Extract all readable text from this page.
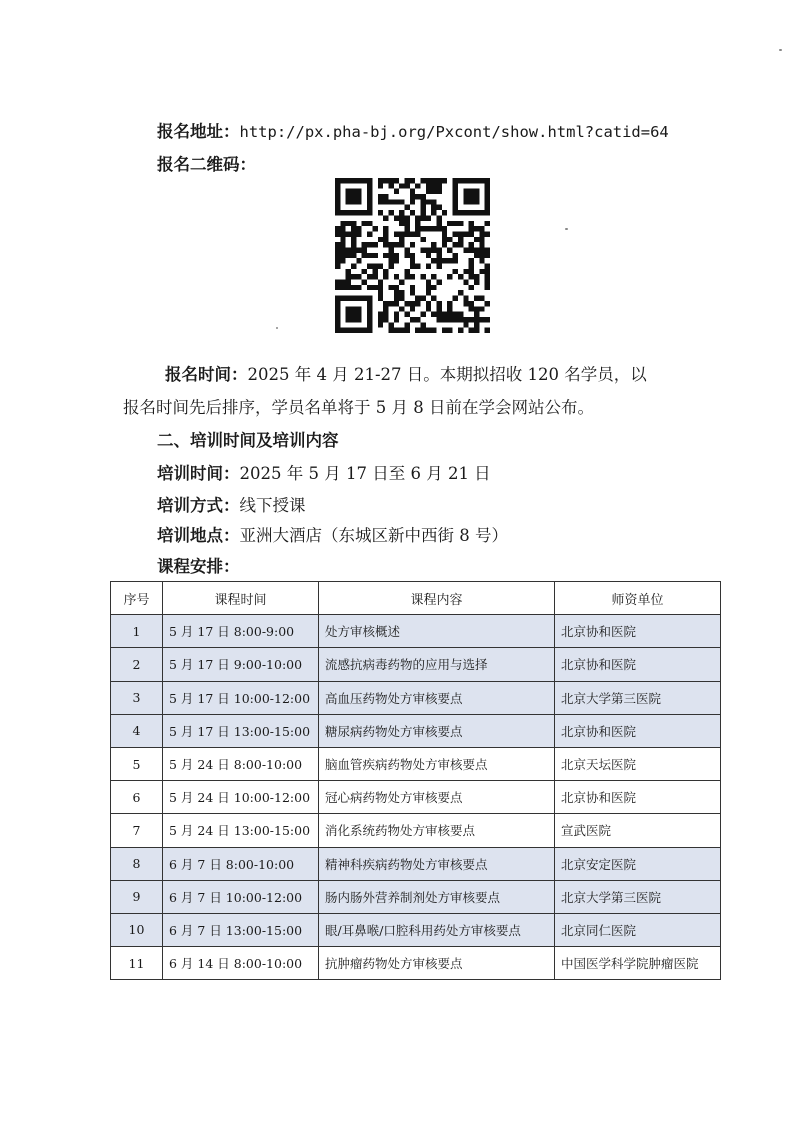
报名地址：http://px.pha-bj.org/Pxcont/show.html?catid=64
报名二维码：
报名时间：2025 年 4 月 21-27 日。本期拟招收 120 名学员，以
报名时间先后排序，学员名单将于 5 月 8 日前在学会网站公布。
二、培训时间及培训内容
培训时间：2025 年 5 月 17 日至 6 月 21 日
培训方式：线下授课
培训地点：亚洲大酒店（东城区新中西街 8 号）
课程安排：
序号	课程时间	课程内容	师资单位
1	5 月 17 日 8:00-9:00	处方审核概述	北京协和医院
2	5 月 17 日 9:00-10:00	流感抗病毒药物的应用与选择	北京协和医院
3	5 月 17 日 10:00-12:00	高血压药物处方审核要点	北京大学第三医院
4	5 月 17 日 13:00-15:00	糖尿病药物处方审核要点	北京协和医院
5	5 月 24 日 8:00-10:00	脑血管疾病药物处方审核要点	北京天坛医院
6	5 月 24 日 10:00-12:00	冠心病药物处方审核要点	北京协和医院
7	5 月 24 日 13:00-15:00	消化系统药物处方审核要点	宣武医院
8	6 月 7 日 8:00-10:00	精神科疾病药物处方审核要点	北京安定医院
9	6 月 7 日 10:00-12:00	肠内肠外营养制剂处方审核要点	北京大学第三医院
10	6 月 7 日 13:00-15:00	眼/耳鼻喉/口腔科用药处方审核要点	北京同仁医院
11	6 月 14 日 8:00-10:00	抗肿瘤药物处方审核要点	中国医学科学院肿瘤医院
